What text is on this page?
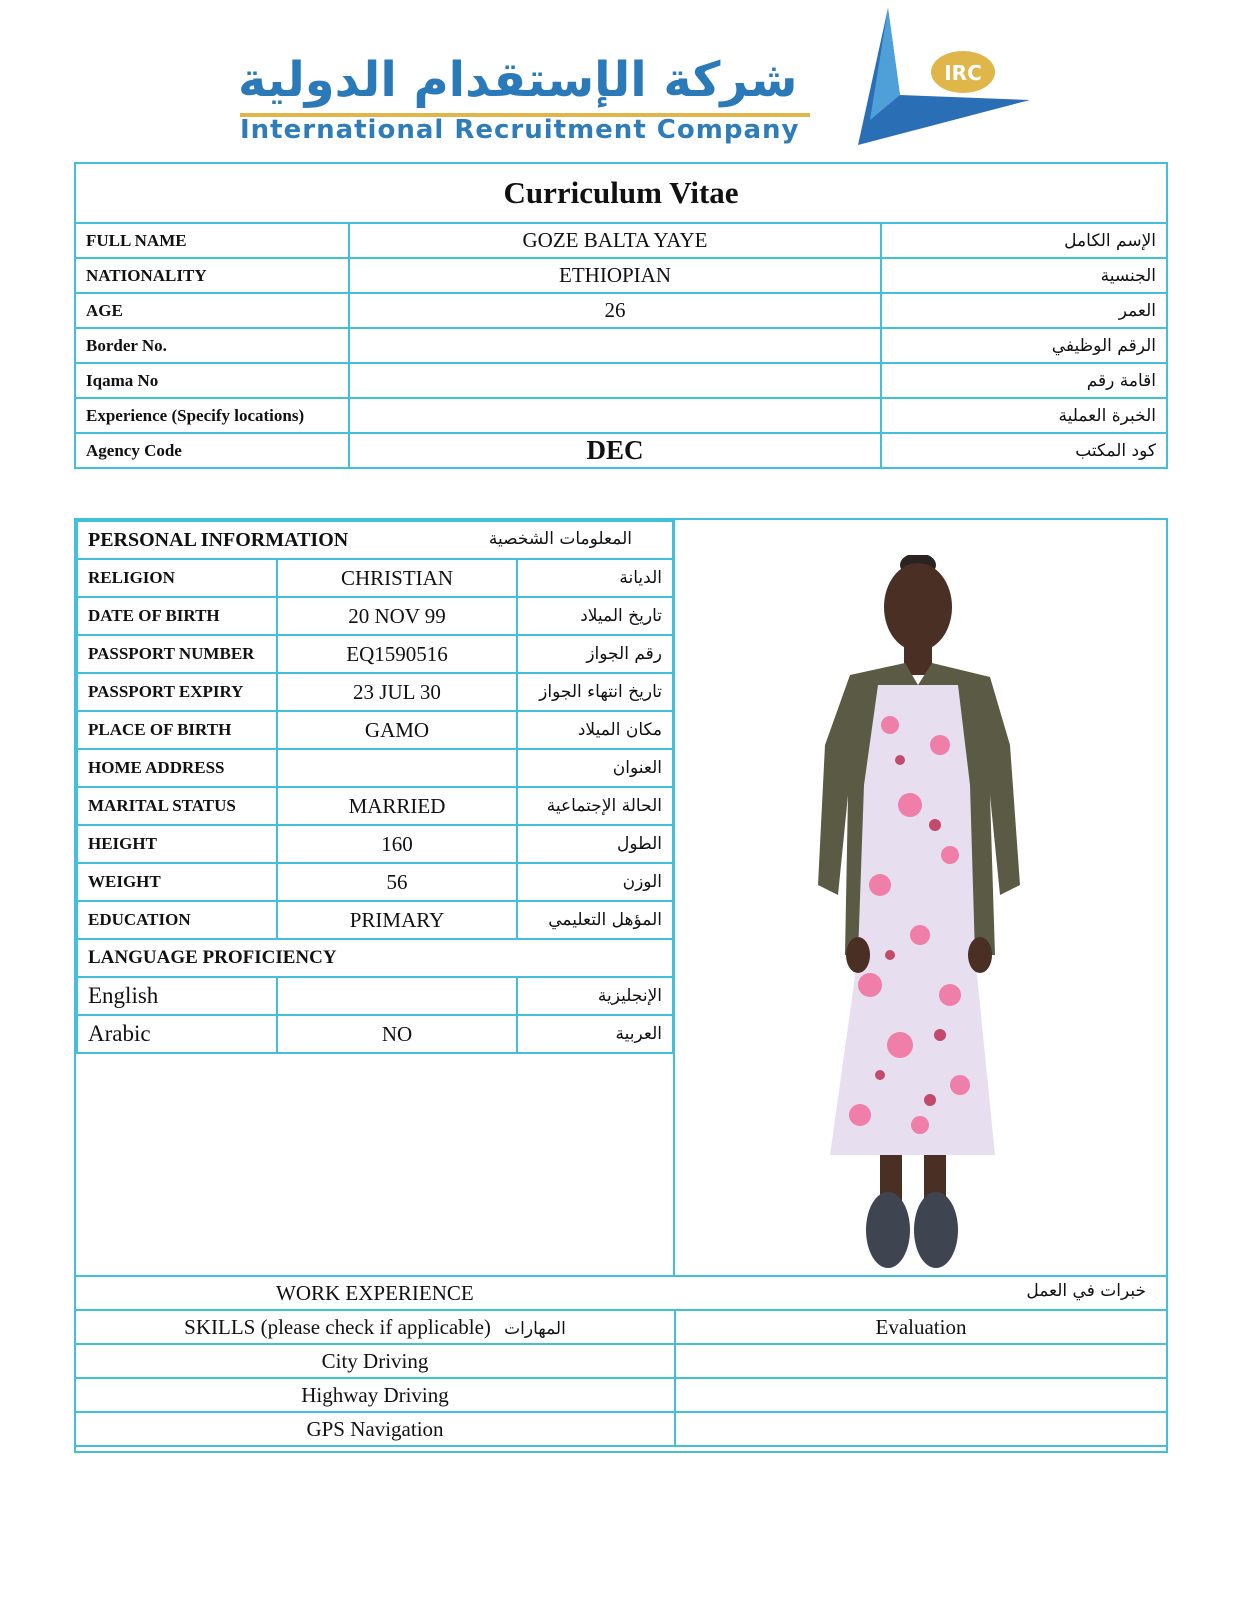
شركة الإستقدام الدولية
International Recruitment Company
IRC
Curriculum Vitae		
FULL NAME	GOZE BALTA YAYE	الإسم الكامل
NATIONALITY	ETHIOPIAN	الجنسية
AGE	26	العمر
Border No.		الرقم الوظيفي
Iqama No		اقامة رقم
Experience (Specify locations)		الخبرة العملية
Agency Code	DEC	كود المكتب
PERSONAL INFORMATION المعلومات الشخصية		

RELIGION	CHRISTIAN	الديانة
DATE OF BIRTH	20 NOV 99	تاريخ الميلاد
PASSPORT NUMBER	EQ1590516	رقم الجواز
PASSPORT EXPIRY	23 JUL 30	تاريخ انتهاء الجواز
PLACE OF BIRTH	GAMO	مكان الميلاد
HOME ADDRESS		العنوان
MARITAL STATUS	MARRIED	الحالة الإجتماعية
HEIGHT	160	الطول
WEIGHT	56	الوزن
EDUCATION	PRIMARY	المؤهل التعليمي
LANGUAGE PROFICIENCY		
English		الإنجليزية
Arabic	NO	العربية
WORK EXPERIENCE خبرات في العمل	

SKILLS (please check if applicable) المهارات	Evaluation
City Driving	
Highway Driving	
GPS Navigation	
